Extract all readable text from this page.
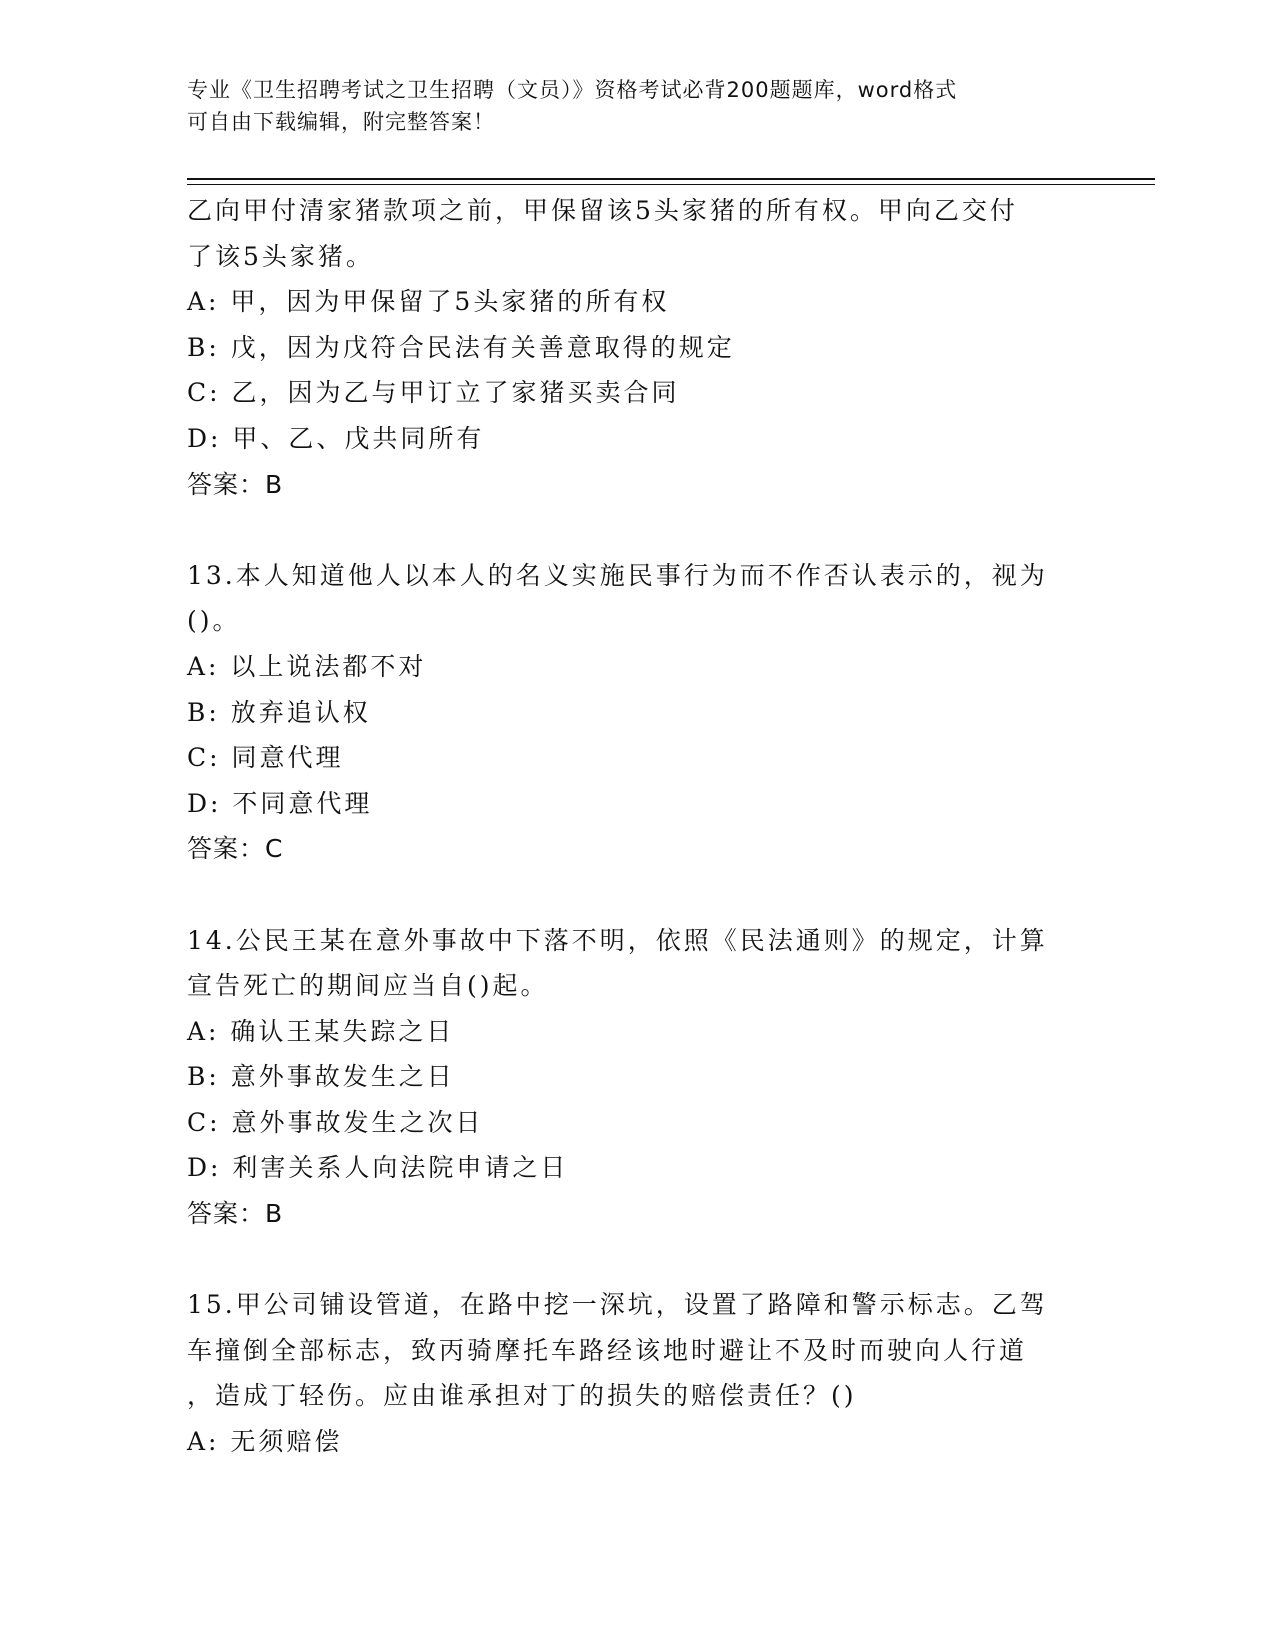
专业《卫生招聘考试之卫生招聘（文员）》资格考试必背200题题库，word格式
可自由下载编辑，附完整答案！
乙向甲付清家猪款项之前，甲保留该5头家猪的所有权。甲向乙交付
了该5头家猪。
A: 甲，因为甲保留了5头家猪的所有权
B: 戊，因为戊符合民法有关善意取得的规定
C: 乙，因为乙与甲订立了家猪买卖合同
D: 甲、乙、戊共同所有
答案：B
13.本人知道他人以本人的名义实施民事行为而不作否认表示的，视为
()。
A: 以上说法都不对
B: 放弃追认权
C: 同意代理
D: 不同意代理
答案：C
14.公民王某在意外事故中下落不明，依照《民法通则》的规定，计算
宣告死亡的期间应当自()起。
A: 确认王某失踪之日
B: 意外事故发生之日
C: 意外事故发生之次日
D: 利害关系人向法院申请之日
答案：B
15.甲公司铺设管道，在路中挖一深坑，设置了路障和警示标志。乙驾
车撞倒全部标志，致丙骑摩托车路经该地时避让不及时而驶向人行道
，造成丁轻伤。应由谁承担对丁的损失的赔偿责任？()
A: 无须赔偿
